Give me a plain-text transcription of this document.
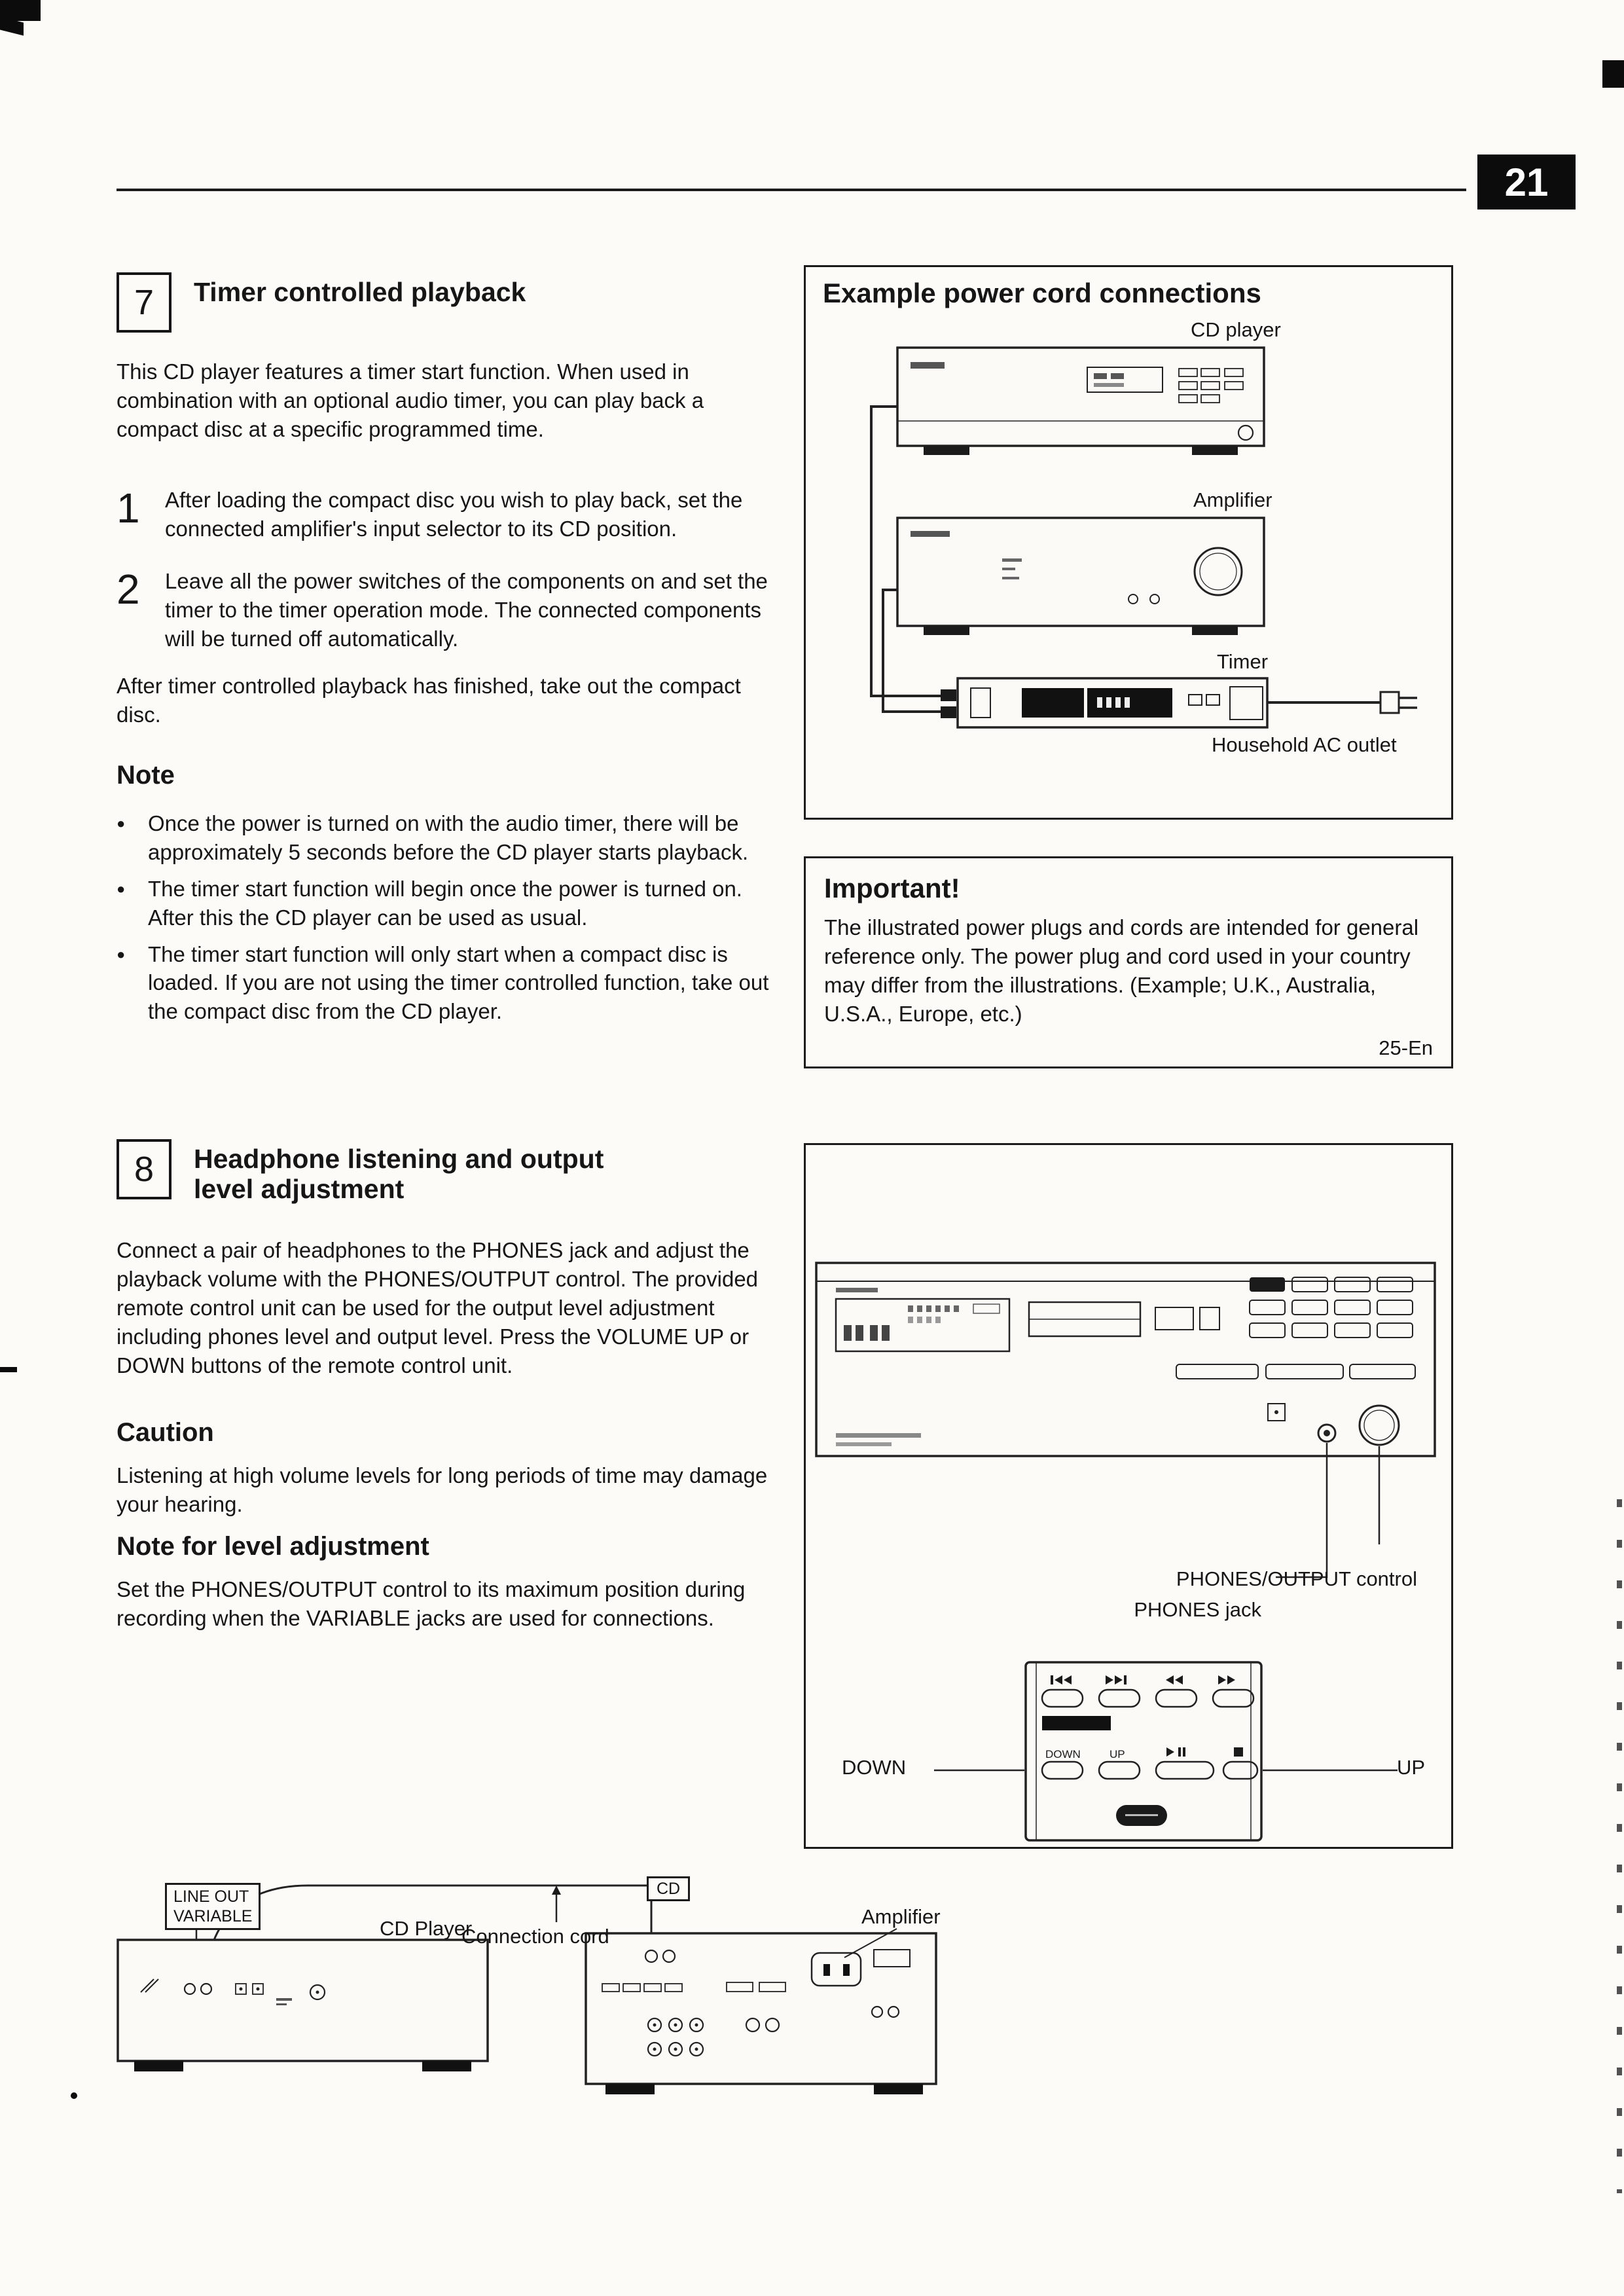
21
7 Timer controlled playback

This CD player features a timer start function. When used in combination with an optional audio timer, you can play back a compact disc at a specific programmed time.

1	After loading the compact disc you wish to play back, set the connected amplifier's input selector to its CD position.

2	Leave all the power switches of the components on and set the timer to the timer operation mode. The connected components will be turned off automatically.

After timer controlled playback has finished, take out the compact disc.

Note
●	Once the power is turned on with the audio timer, there will be approximately 5 seconds before the CD player starts playback.

●	The timer start function will begin once the power is turned on. After this the CD player can be used as usual.

●	The timer start function will only start when a compact disc is loaded. If you are not using the timer controlled function, take out the compact disc from the CD player.

Example power cord connections
CD player
Amplifier
Timer
Household AC outlet
Important!

The illustrated power plugs and cords are intended for general reference only. The power plug and cord used in your country may differ from the illustrations. (Example; U.K., Australia, U.S.A., Europe, etc.)

25-En

8 Headphone listening and output
level adjustment

Connect a pair of headphones to the PHONES jack and adjust the playback volume with the PHONES/OUTPUT control. The provided remote control unit can be used for the output level adjustment including phones level and output level. Press the VOLUME UP or DOWN buttons of the remote control unit.

Caution

Listening at high volume levels for long periods of time may damage your hearing.

Note for level adjustment

Set the PHONES/OUTPUT control to its maximum position during recording when the VARIABLE jacks are used for connections.

PHONES/OUTPUT control
PHONES jack
DOWN	UP
DOWN	UP
LINE OUT
VARIABLE
CD Player
Connection cord
CD
Amplifier
